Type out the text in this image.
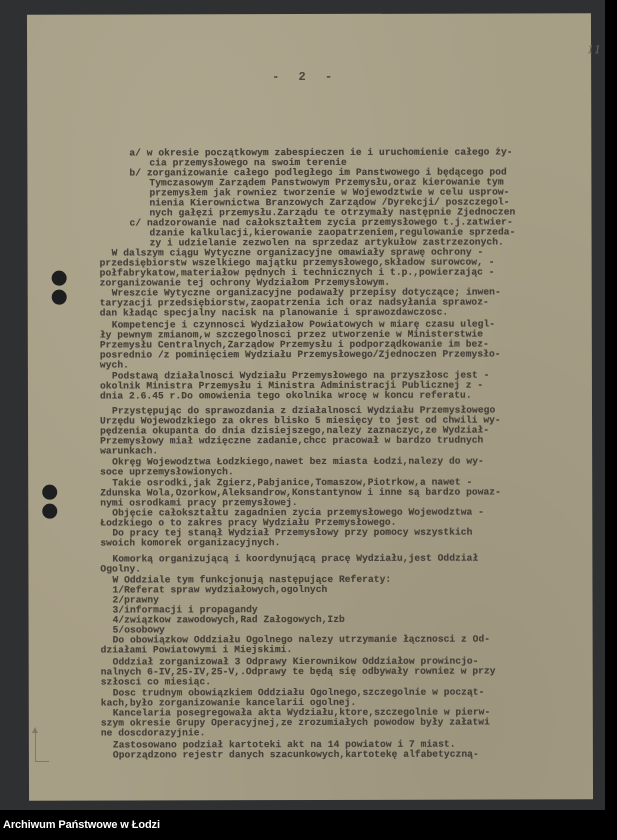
11
- 2 -
a/ w okresie początkowym zabespieczen ie i uruchomienie całego ży-
cia przemysłowego na swoim terenie
b/ zorganizowanie całego podległego im Panstwowego i będącego pod
Tymczasowym Zarządem Panstwowym Przemysłu,oraz kierowanie tym
przemysłem jak rowniez tworzenie w Wojewodztwie w celu usprow-
nienia Kierownictwa Branzowych Zarządow /Dyrekcji/ poszczegol-
nych gałęzi przemysłu.Zarządu te otrzymały następnie Zjednoczen
c/ nadzorowanie nad całokształtem zycia przemysłowego t.j.zatwier-
dzanie kalkulacji,kierowanie zaopatrzeniem,regulowanie sprzeda-
zy i udzielanie zezwolen na sprzedaz artykułow zastrzezonych.
W dalszym ciągu Wytyczne organizacyjne omawiały sprawę ochrony -
przedsiębiorstw wszelkiego majątku przemysłowego,składow surowcow, -
połfabrykatow,materiałow pędnych i technicznych i t.p.,powierzając -
zorganizowanie tej ochrony Wydziałom Przemysłowym.
Wreszcie Wytyczne organizacyjne podawały przepisy dotyczące; inwen-
taryzacji przedsiębiorstw,zaopatrzenia ich oraz nadsyłania sprawoz-
dan kładąc specjalny nacisk na planowanie i sprawozdawczosc.
Kompetencje i czynnosci Wydziałow Powiatowych w miarę czasu ulegl-
ły pewnym zmianom,w szczegolnosci przez utworzenie w Ministerstwie
Przemysłu Centralnych,Zarządow Przemysłu i podporządkowanie im bez-
posrednio /z pominięciem Wydziału Przemysłowego/Zjednoczen Przemysło-
wych.
Podstawą działalnosci Wydziału Przemysłowego na przyszłosc jest -
okolnik Ministra Przemysłu i Ministra Administracji Publicznej z -
dnia 2.6.45 r.Do omowienia tego okolnika wrocę w koncu referatu.
Przystępując do sprawozdania z działalnosci Wydziału Przemysłowego
Urzędu Wojewodzkiego za okres blisko 5 miesięcy to jest od chwili wy-
pędzenia okupanta do dnia dzisiejszego,nalezy zaznaczyc,ze Wydział-
Przemysłowy miał wdzięczne zadanie,chcc pracował w bardzo trudnych
warunkach.
Okręg Wojewodztwa Łodzkiego,nawet bez miasta Łodzi,nalezy do wy-
soce uprzemysłowionych.
Takie osrodki,jak Zgierz,Pabjanice,Tomaszow,Piotrkow,a nawet -
Zdunska Wola,Ozorkow,Aleksandrow,Konstantynow i inne są bardzo powaz-
nymi osrodkami pracy przemysłowej.
Objęcie całokształtu zagadnien zycia przemysłowego Wojewodztwa -
Łodzkiego o to zakres pracy Wydziału Przemysłowego.
Do pracy tej stanął Wydział Przemysłowy przy pomocy wszystkich
swoich komorek organizacyjnych.
Komorką organizującą i koordynującą pracę Wydziału,jest Oddział
Ogolny.
W Oddziale tym funkcjonują następujące Referaty:
1/Referat spraw wydziałowych,ogolnych
2/prawny
3/informacji i propagandy
4/związkow zawodowych,Rad Załogowych,Izb
5/osobowy
Do obowiązkow Oddziału Ogolnego nalezy utrzymanie łącznosci z Od-
działami Powiatowymi i Miejskimi.
Oddział zorganizował 3 Odprawy Kierownikow Oddziałow prowincjo-
nalnych 6-IV,25-IV,25-V,.Odprawy te będą się odbywały rowniez w przy
szłosci co miesiąc.
Dosc trudnym obowiązkiem Oddziału Ogolnego,szczegolnie w począt-
kach,było zorganizowanie kancelarii ogolnej.
Kancelaria posegregowała akta Wydziału,ktore,szczegolnie w pierw-
szym okresie Grupy Operacyjnej,ze zrozumiałych powodow były załatwi
ne doscdorazyjnie.
Zastosowano podział kartoteki akt na 14 powiatow i 7 miast.
Oporządzono rejestr danych szacunkowych,kartotekę alfabetyczną-
Archiwum Państwowe w Łodzi
